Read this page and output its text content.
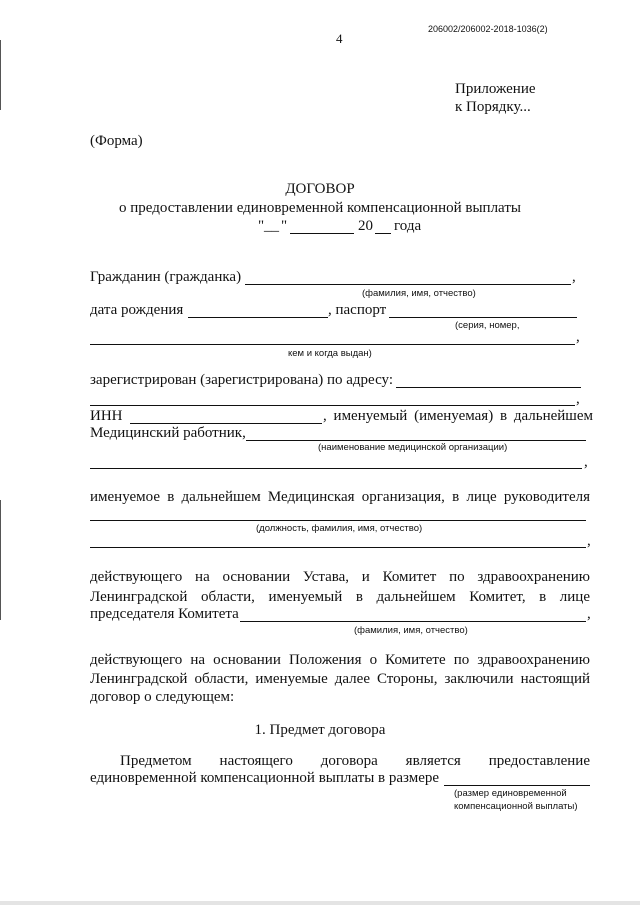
206002/206002-2018-1036(2)
4
Приложение
к Порядку...
(Форма)
ДОГОВОР
о предоставлении единовременной компенсационной выплаты
" __ "	20 года
Гражданин (гражданка)	,
(фамилия, имя, отчество)
дата рождения	, паспорт
(серия, номер,
,
кем и когда выдан)
зарегистрирован (зарегистрирована) по адресу:
,
ИНН	, именуемый (именуемая) в дальнейшем
Медицинский работник,
(наименование медицинской организации)
,
именуемое в дальнейшем Медицинская организация, в лице руководителя
(должность, фамилия, имя, отчество)
,
действующего на основании Устава, и Комитет по здравоохранению
Ленинградской области, именуемый в дальнейшем Комитет, в лице
председателя Комитета	,
(фамилия, имя, отчество)
действующего на основании Положения о Комитете по здравоохранению
Ленинградской области, именуемые далее Стороны, заключили настоящий
договор о следующем:
1. Предмет договора
Предметом настоящего договора является предоставление
единовременной компенсационной выплаты в размере
(размер единовременной
компенсационной выплаты)
